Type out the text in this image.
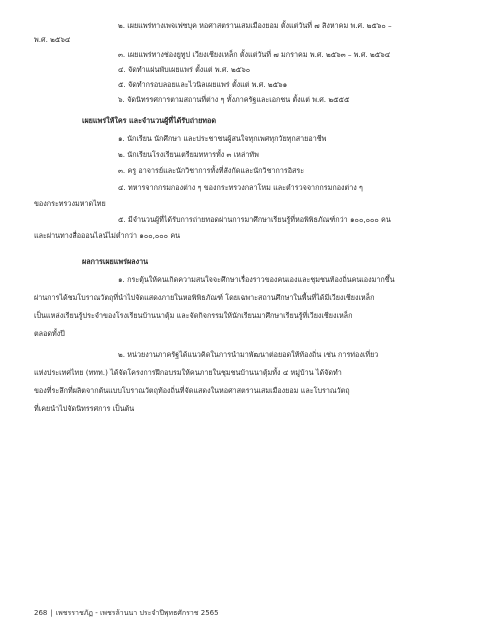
๒. เผยแพร่ทางเพจเฟซบุค หอศาสตรานเสมเมืองยอม ตั้งแต่วันที่ ๗ สิงหาคม พ.ศ. ๒๕๖๐ –
พ.ศ. ๒๕๖๔
๓. เผยแพร่ทางช่องยูทูป เวียงเชียงเหล็ก ตั้งแต่วันที่ ๗ มกราคม พ.ศ. ๒๕๖๓ – พ.ศ. ๒๕๖๔
๔. จัดทำแผ่นพับเผยแพร่ ตั้งแต่ พ.ศ. ๒๕๖๐
๕. จัดทำกรอบลอยและไวนิลเผยแพร่ ตั้งแต่ พ.ศ. ๒๕๖๑
๖. จัดนิทรรศการตามสถานที่ต่าง ๆ ทั้งภาครัฐและเอกชน ตั้งแต่ พ.ศ. ๒๕๕๕
เผยแพร่ให้ใคร และจำนวนผู้ที่ได้รับถ่ายทอด
๑. นักเรียน นักศึกษา และประชาชนผู้สนใจทุกเพศทุกวัยทุกสายอาชีพ
๒. นักเรียนโรงเรียนเตรียมทหารทั้ง ๓ เหล่าทัพ
๓. ครู อาจารย์และนักวิชาการทั้งที่สังกัดและนักวิชาการอิสระ
๔. ทหารจากกรมกองต่าง ๆ ของกระทรวงกลาโหม และตำรวจจากกรมกองต่าง ๆ
ของกระทรวงมหาดไทย
๕. มีจำนวนผู้ที่ได้รับการถ่ายทอดผ่านการมาศึกษาเรียนรู้ที่หอพิพิธภัณฑ์กว่า ๑๐๐,๐๐๐ คน
และผ่านทางสื่อออนไลน์ไม่ต่ำกว่า ๑๐๐,๐๐๐ คน
ผลการเผยแพร่ผลงาน
๑. กระตุ้นให้คนเกิดความสนใจจะศึกษาเรื่องราวของคนเองและชุมชนท้องถิ่นคนเองมากขึ้น
ผ่านการได้ชมโบราณวัตถุที่นำไปจัดแสดงภายในหอพิพิธภัณฑ์ โดยเฉพาะสถานศึกษาในพื้นที่ได้มีเวียงเชียงเหล็ก
เป็นแหล่งเรียนรู้ประจำของโรงเรียนบ้านนาตุ้ม และจัดกิจกรรมให้นักเรียนมาศึกษาเรียนรู้ที่เวียงเชียงเหล็ก
ตลอดทั้งปี
๒. หน่วยงานภาครัฐได้แนวคิดในการนำมาพัฒนาต่อยอดให้ท้องถิ่น เช่น การท่องเที่ยว
แห่งประเทศไทย (ททท.) ได้จัดโครงการฝึกอบรมให้คนภายในชุมชนบ้านนาตุ้มทั้ง ๔ หมู่บ้าน ได้จัดทำ
ของที่ระลึกที่ผลิตจากต้นแบบโบราณวัตถุท้องถิ่นที่จัดแสดงในหอศาสตรานเสมเมืองยอม และโบราณวัตถุ
ที่เคยนำไปจัดนิทรรศการ เป็นต้น
268 | เพชรราชภัฏ - เพชรล้านนา ประจำปีพุทธศักราช 2565
